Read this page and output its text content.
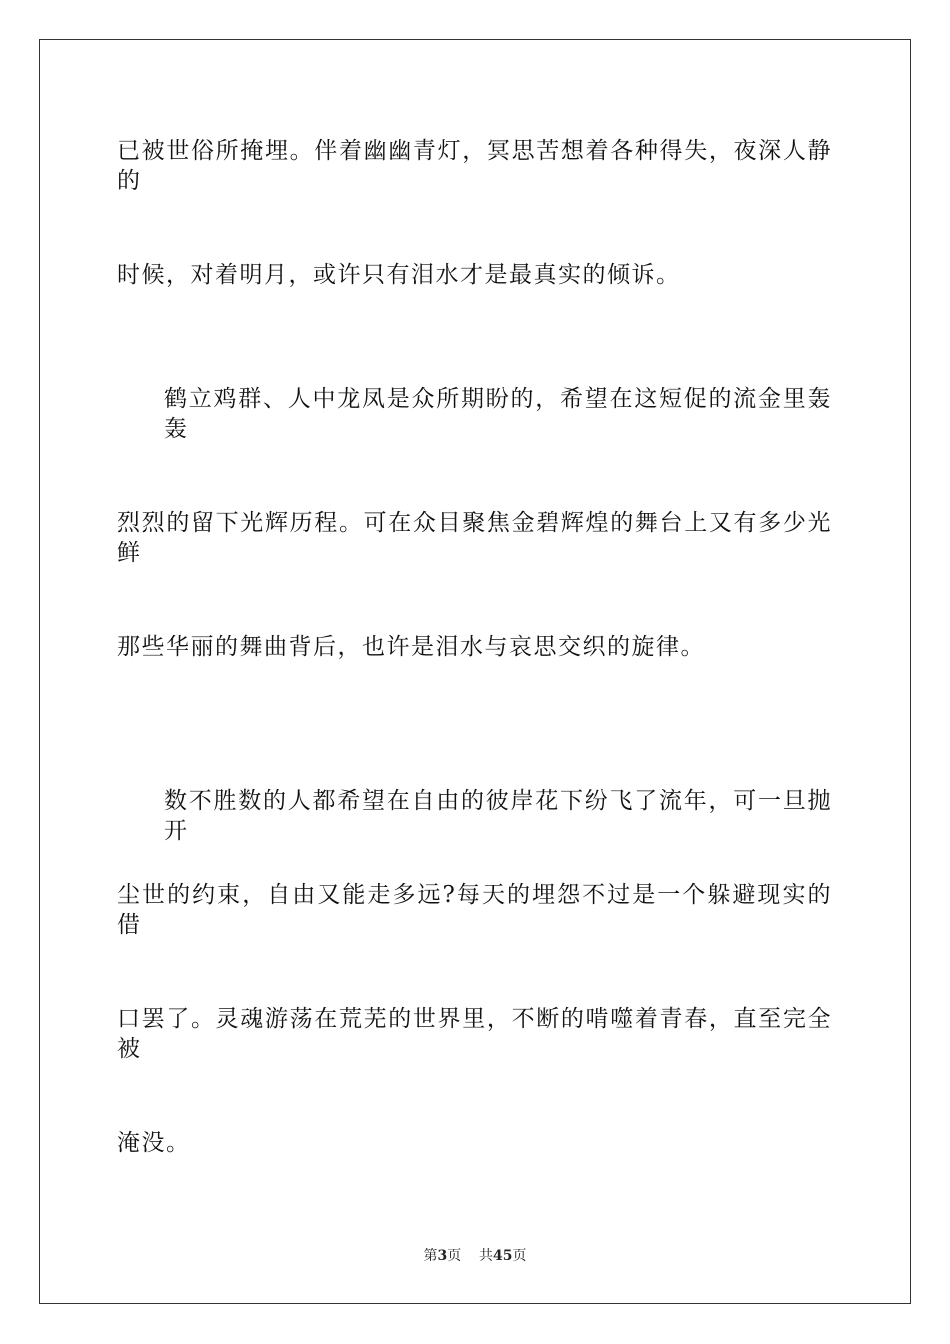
已被世俗所掩埋。伴着幽幽青灯，冥思苦想着各种得失，夜深人静的
时候，对着明月，或许只有泪水才是最真实的倾诉。
鹤立鸡群、人中龙凤是众所期盼的，希望在这短促的流金里轰轰
烈烈的留下光辉历程。可在众目聚焦金碧辉煌的舞台上又有多少光鲜
那些华丽的舞曲背后，也许是泪水与哀思交织的旋律。
数不胜数的人都希望在自由的彼岸花下纷飞了流年，可一旦抛开
尘世的约束，自由又能走多远?每天的埋怨不过是一个躲避现实的借
口罢了。灵魂游荡在荒芜的世界里，不断的啃噬着青春，直至完全被
淹没。
第3页 共45页
